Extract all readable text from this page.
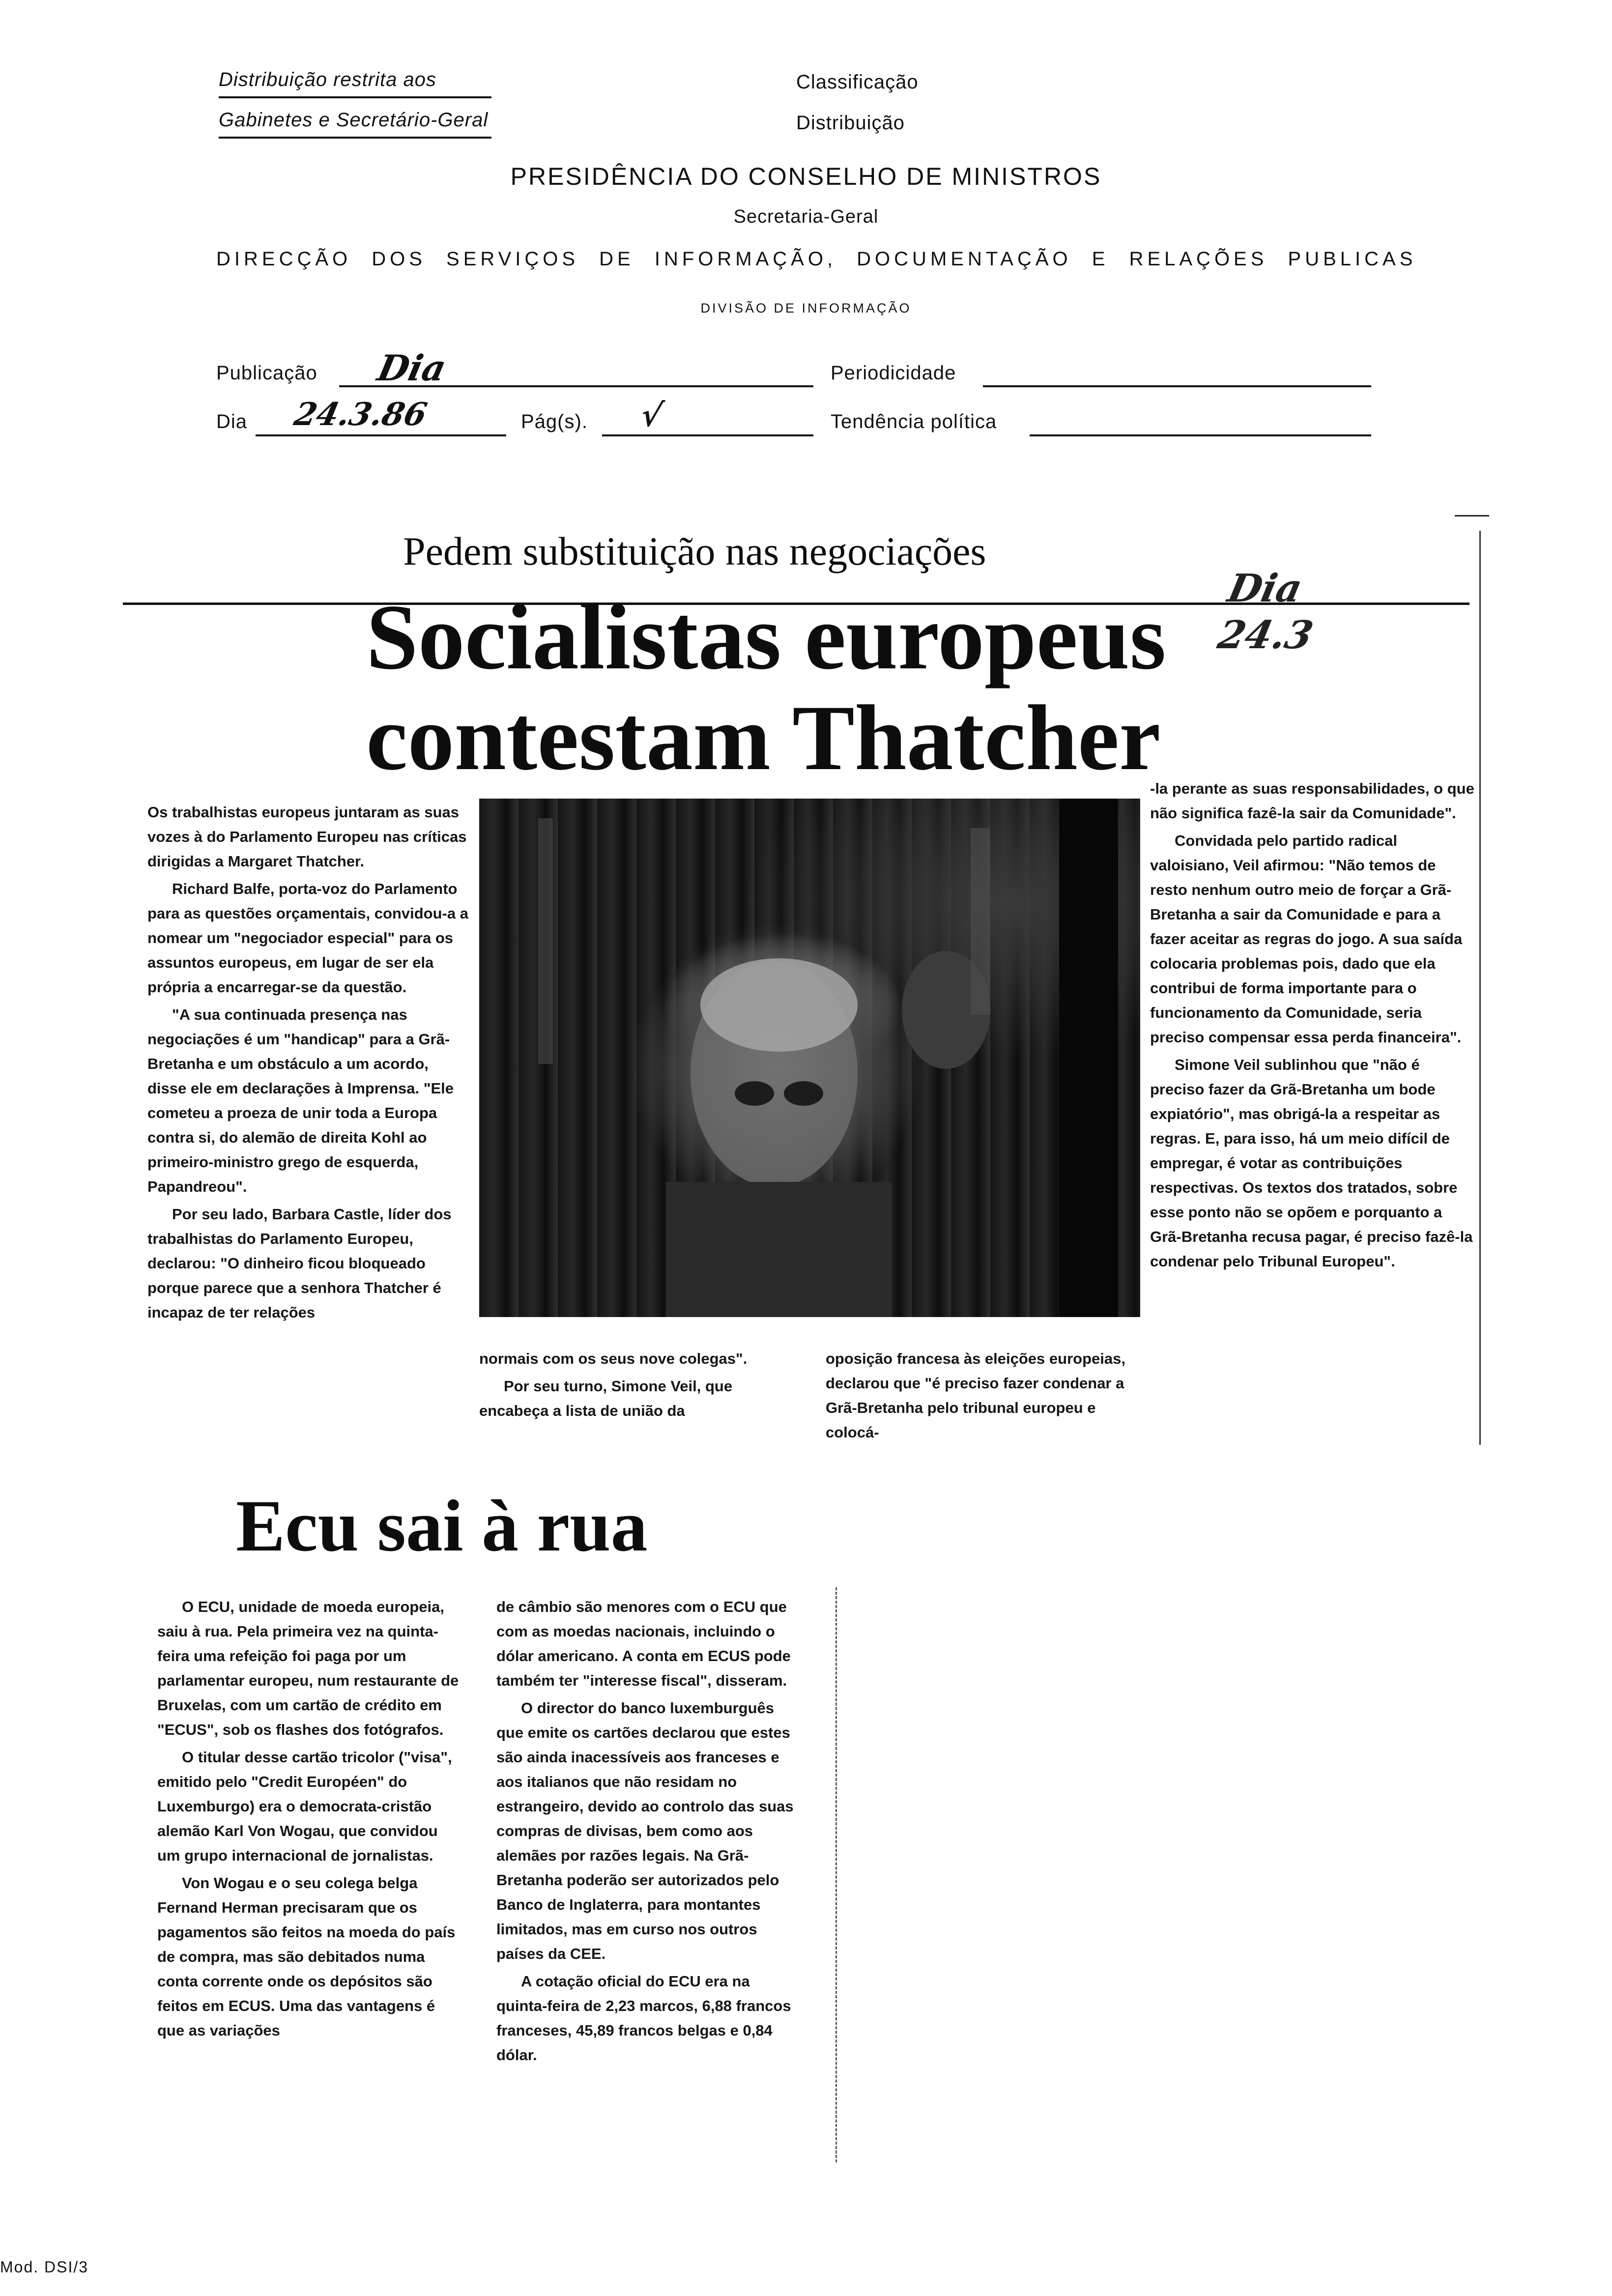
Distribuição restrita aos
Gabinetes e Secretário-Geral
Classificação
Distribuição
PRESIDÊNCIA DO CONSELHO DE MINISTROS
Secretaria-Geral
DIRECÇÃO DOS SERVIÇOS DE INFORMAÇÃO, DOCUMENTAÇÃO E RELAÇÕES PUBLICAS
DIVISÃO DE INFORMAÇÃO
Publicação Dia	Periodicidade
Dia 24.3.86	Pág(s). √	Tendência política
Pedem substituição nas negociações
Socialistas europeus
contestam Thatcher
Dia 24.3

Os trabalhistas europeus juntaram as suas vozes à do Parlamento Europeu nas críticas dirigidas a Margaret Thatcher.

Richard Balfe, porta-voz do Parlamento para as questões orçamentais, convidou-a a nomear um "negociador especial" para os assuntos europeus, em lugar de ser ela própria a encarregar-se da questão.

"A sua continuada presença nas negociações é um "handicap" para a Grã-Bretanha e um obstáculo a um acordo, disse ele em declarações à Imprensa. "Ele cometeu a proeza de unir toda a Europa contra si, do alemão de direita Kohl ao primeiro-ministro grego de esquerda, Papandreou".

Por seu lado, Barbara Castle, líder dos trabalhistas do Parlamento Europeu, declarou: "O dinheiro ficou bloqueado porque parece que a senhora Thatcher é incapaz de ter relações

normais com os seus nove colegas".

Por seu turno, Simone Veil, que encabeça a lista de união da

oposição francesa às eleições europeias, declarou que "é preciso fazer condenar a Grã-Bretanha pelo tribunal europeu e colocá-

-la perante as suas responsabilidades, o que não significa fazê-la sair da Comunidade".

Convidada pelo partido radical valoisiano, Veil afirmou: "Não temos de resto nenhum outro meio de forçar a Grã-Bretanha a sair da Comunidade e para a fazer aceitar as regras do jogo. A sua saída colocaria problemas pois, dado que ela contribui de forma importante para o funcionamento da Comunidade, seria preciso compensar essa perda financeira".

Simone Veil sublinhou que "não é preciso fazer da Grã-Bretanha um bode expiatório", mas obrigá-la a respeitar as regras. E, para isso, há um meio difícil de empregar, é votar as contribuições respectivas. Os textos dos tratados, sobre esse ponto não se opõem e porquanto a Grã-Bretanha recusa pagar, é preciso fazê-la condenar pelo Tribunal Europeu".

Ecu sai à rua

O ECU, unidade de moeda europeia, saiu à rua. Pela primeira vez na quinta-feira uma refeição foi paga por um parlamentar europeu, num restaurante de Bruxelas, com um cartão de crédito em "ECUS", sob os flashes dos fotógrafos.

O titular desse cartão tricolor ("visa", emitido pelo "Credit Européen" do Luxemburgo) era o democrata-cristão alemão Karl Von Wogau, que convidou um grupo internacional de jornalistas.

Von Wogau e o seu colega belga Fernand Herman precisaram que os pagamentos são feitos na moeda do país de compra, mas são debitados numa conta corrente onde os depósitos são feitos em ECUS. Uma das vantagens é que as variações

de câmbio são menores com o ECU que com as moedas nacionais, incluindo o dólar americano. A conta em ECUS pode também ter "interesse fiscal", disseram.

O director do banco luxemburguês que emite os cartões declarou que estes são ainda inacessíveis aos franceses e aos italianos que não residam no estrangeiro, devido ao controlo das suas compras de divisas, bem como aos alemães por razões legais. Na Grã-Bretanha poderão ser autorizados pelo Banco de Inglaterra, para montantes limitados, mas em curso nos outros países da CEE.

A cotação oficial do ECU era na quinta-feira de 2,23 marcos, 6,88 francos franceses, 45,89 francos belgas e 0,84 dólar.

Mod. DSI/3
